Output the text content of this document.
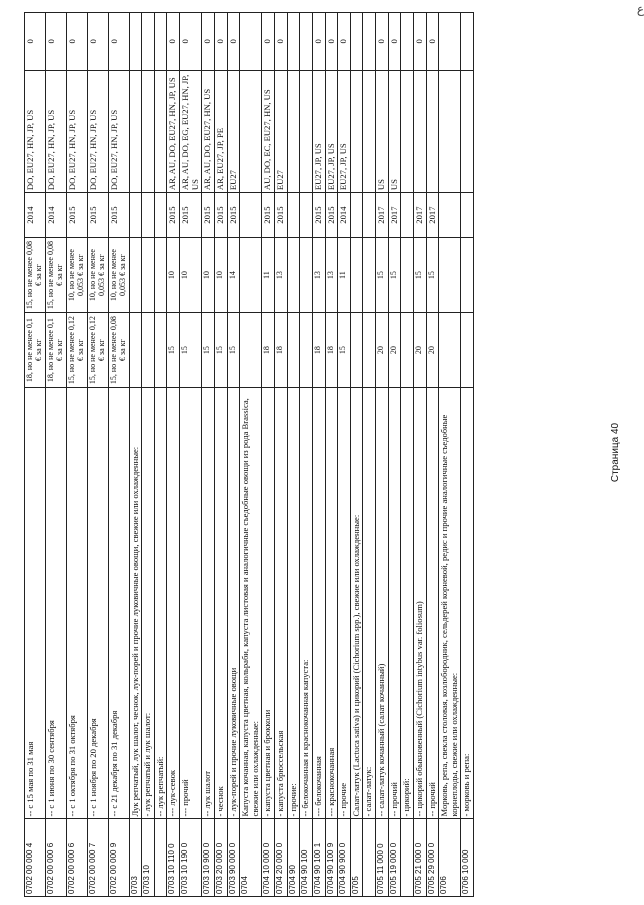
0702 00 000 4	-- с 15 мая по 31 мая	18, но не менее 0,1 € за кг	15, но не менее 0,08 € за кг	2014	DO, EU27, HN, JP, US	0
0702 00 000 6	-- с 1 июня по 30 сентября	18, но не менее 0,1 € за кг	15, но не менее 0,08 € за кг	2014	DO, EU27, HN, JP, US	0
0702 00 000 6	-- с 1 октября по 31 октября	15, но не менее 0,12 € за кг	10, но не менее 0,053 € за кг	2015	DO, EU27, HN, JP, US	0
0702 00 000 7	-- с 1 ноября по 20 декабря	15, но не менее 0,12 € за кг	10, но не менее 0,053 € за кг	2015	DO, EU27, HN, JP, US	0
0702 00 000 9	-- с 21 декабря по 31 декабря	15, но не менее 0,08 € за кг	10, но не менее 0,053 € за кг	2015	DO, EU27, HN, JP, US	0
0703	Лук репчатый, лук шалот, чеснок, лук-порей и прочие луковичные овощи, свежие или охлажденные:					
0703 10	- лук репчатый и лук шалот:					
	-- лук репчатый:					
0703 10 110 0	--- лук-севок	15	10	2015	AR, AU, DO, EU27, HN, JP, US	0
0703 10 190 0	--- прочий	15	10	2015	AR, AU, DO, EG, EU27, HN, JP, US	0
0703 10 900 0	-- лук шалот	15	10	2015	AR, AU, DO, EU27, HN, US	0
0703 20 000 0	- чеснок	15	10	2015	AR, EU27, JP, PE	0
0703 90 000 0	- лук-порей и прочие луковичные овощи	15	14	2015	EU27	0
0704	Капуста кочанная, капуста цветная, кольраби, капуста листовая и аналогичные съедобные овощи из рода Brassica, свежие или охлажденные:					
0704 10 000 0	- капуста цветная и брокколи	18	11	2015	AU, DO, EC, EU27, HN, US	0
0704 20 000 0	- капуста брюссельская	18	13	2015	EU27	0
0704 90	- прочие:					
0704 90 100	-- белокочанная и краснокочанная капуста:					
0704 90 100 1	--- белокочанная	18	13	2015	EU27, JP, US	0
0704 90 100 9	--- краснокочанная	18	13	2015	EU27, JP, US	0
0704 90 900 0	-- прочие	15	11	2014	EU27, JP, US	0
0705	Салат-латук (Lactuca sativa) и цикорий (Cichorium spp.), свежие или охлажденные:					
	- салат-латук:					
0705 11 000 0	-- салат-латук кочанный (салат кочанный)	20	15	2017	US	0
0705 19 000 0	-- прочий	20	15	2017	US	0
	- цикорий:					
0705 21 000 0	-- цикорий обыкновенный (Cichorium intybus var. foliosum)	20	15	2017		0
0705 29 000 0	-- прочий	20	15	2017		0
0706	Морковь, репа, свекла столовая, козлобородник, сельдерей корневой, редис и прочие аналогичные съедобные корнеплоды, свежие или охлажденные:					
0706 10 000	- морковь и репа:					
Страница 40
ع
